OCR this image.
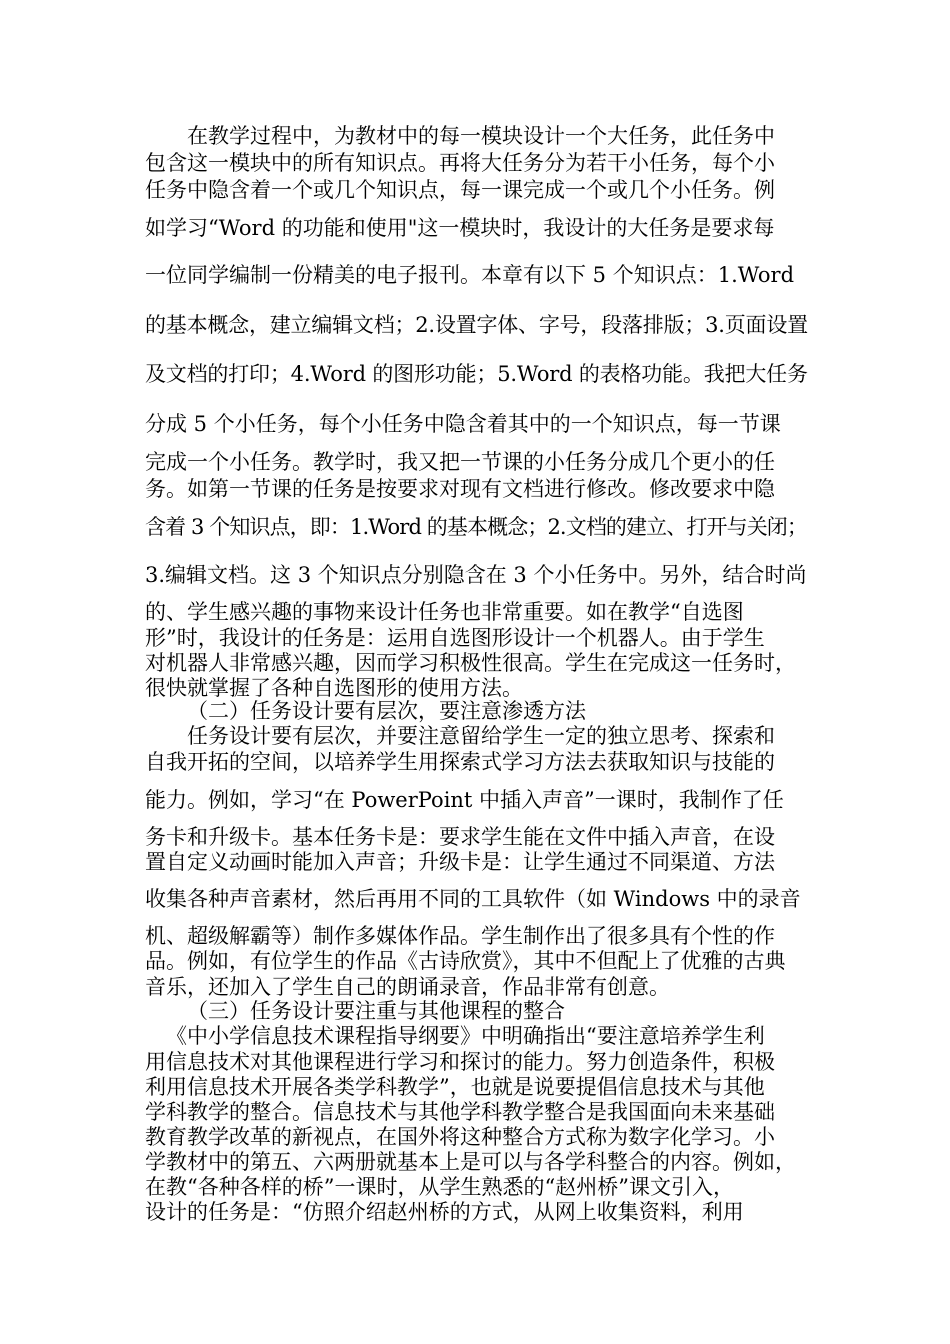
在教学过程中，为教材中的每一模块设计一个大任务，此任务中

包含这一模块中的所有知识点。再将大任务分为若干小任务，每个小

任务中隐含着一个或几个知识点，每一课完成一个或几个小任务。例

如学习“Word 的功能和使用"这一模块时，我设计的大任务是要求每

一位同学编制一份精美的电子报刊。本章有以下 5 个知识点：1.Word

的基本概念，建立编辑文档；2.设置字体、字号，段落排版；3.页面设置

及文档的打印；4.Word 的图形功能；5.Word 的表格功能。我把大任务

分成 5 个小任务，每个小任务中隐含着其中的一个知识点，每一节课

完成一个小任务。教学时，我又把一节课的小任务分成几个更小的任

务。如第一节课的任务是按要求对现有文档进行修改。修改要求中隐

含着 3 个知识点，即：1.Word 的基本概念；2.文档的建立、打开与关闭；

3.编辑文档。这 3 个知识点分别隐含在 3 个小任务中。另外，结合时尚

的、学生感兴趣的事物来设计任务也非常重要。如在教学“自选图

形”时，我设计的任务是：运用自选图形设计一个机器人。由于学生

对机器人非常感兴趣，因而学习积极性很高。学生在完成这一任务时，

很快就掌握了各种自选图形的使用方法。

（二）任务设计要有层次，要注意渗透方法

任务设计要有层次，并要注意留给学生一定的独立思考、探索和

自我开拓的空间，以培养学生用探索式学习方法去获取知识与技能的

能力。例如，学习“在 PowerPoint 中插入声音”一课时，我制作了任

务卡和升级卡。基本任务卡是：要求学生能在文件中插入声音，在设

置自定义动画时能加入声音；升级卡是：让学生通过不同渠道、方法

收集各种声音素材，然后再用不同的工具软件（如 Windows 中的录音

机、超级解霸等）制作多媒体作品。学生制作出了很多具有个性的作

品。例如，有位学生的作品《古诗欣赏》，其中不但配上了优雅的古典

音乐，还加入了学生自己的朗诵录音，作品非常有创意。

（三）任务设计要注重与其他课程的整合

《中小学信息技术课程指导纲要》中明确指出“要注意培养学生利

用信息技术对其他课程进行学习和探讨的能力。努力创造条件，积极

利用信息技术开展各类学科教学”，也就是说要提倡信息技术与其他

学科教学的整合。信息技术与其他学科教学整合是我国面向未来基础

教育教学改革的新视点，在国外将这种整合方式称为数字化学习。小

学教材中的第五、六两册就基本上是可以与各学科整合的内容。例如，

在教“各种各样的桥”一课时，从学生熟悉的“赵州桥”课文引入，

设计的任务是：“仿照介绍赵州桥的方式，从网上收集资料，利用
